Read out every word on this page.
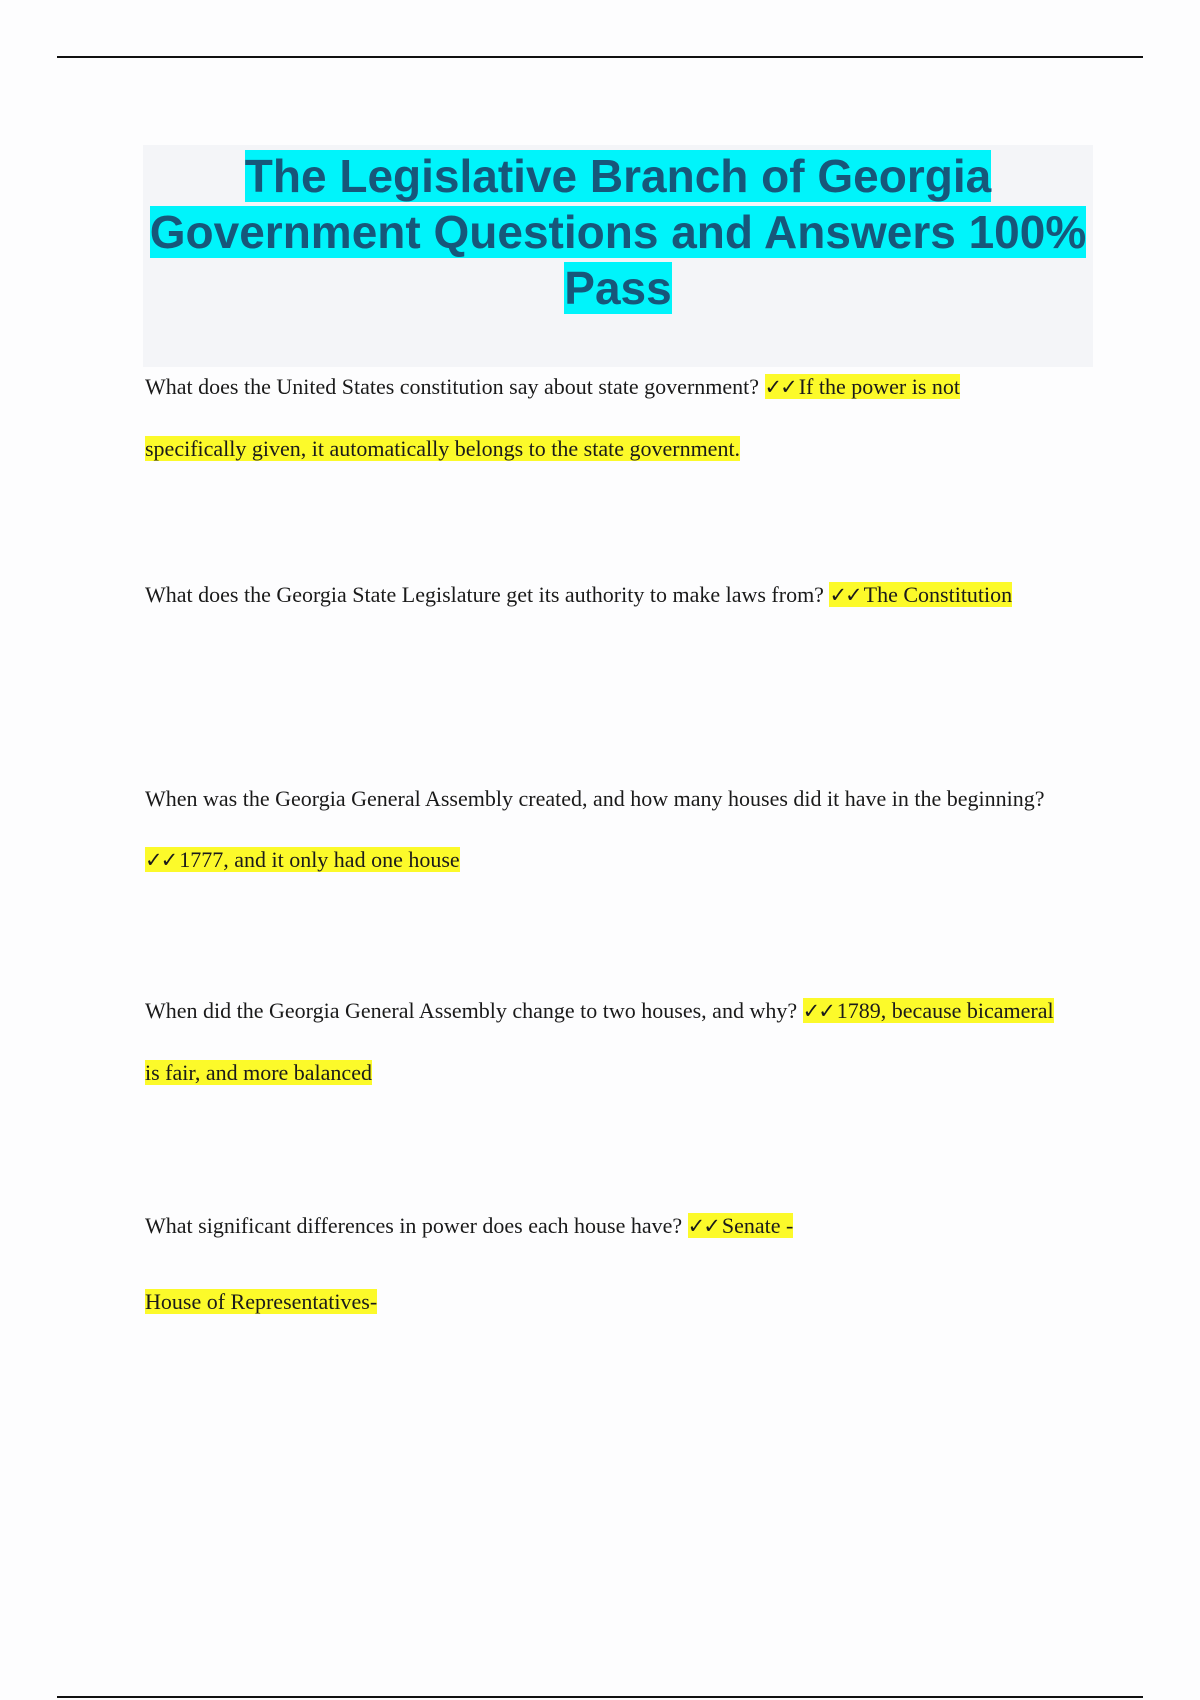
The Legislative Branch of Georgia Government Questions and Answers 100% Pass

What does the United States constitution say about state government? ✓✓ If the power is not specifically given, it automatically belongs to the state government.

What does the Georgia State Legislature get its authority to make laws from? ✓✓ The Constitution

When was the Georgia General Assembly created, and how many houses did it have in the beginning? ✓✓ 1777, and it only had one house

When did the Georgia General Assembly change to two houses, and why? ✓✓ 1789, because bicameral is fair, and more balanced

What significant differences in power does each house have? ✓✓ Senate -
House of Representatives-
